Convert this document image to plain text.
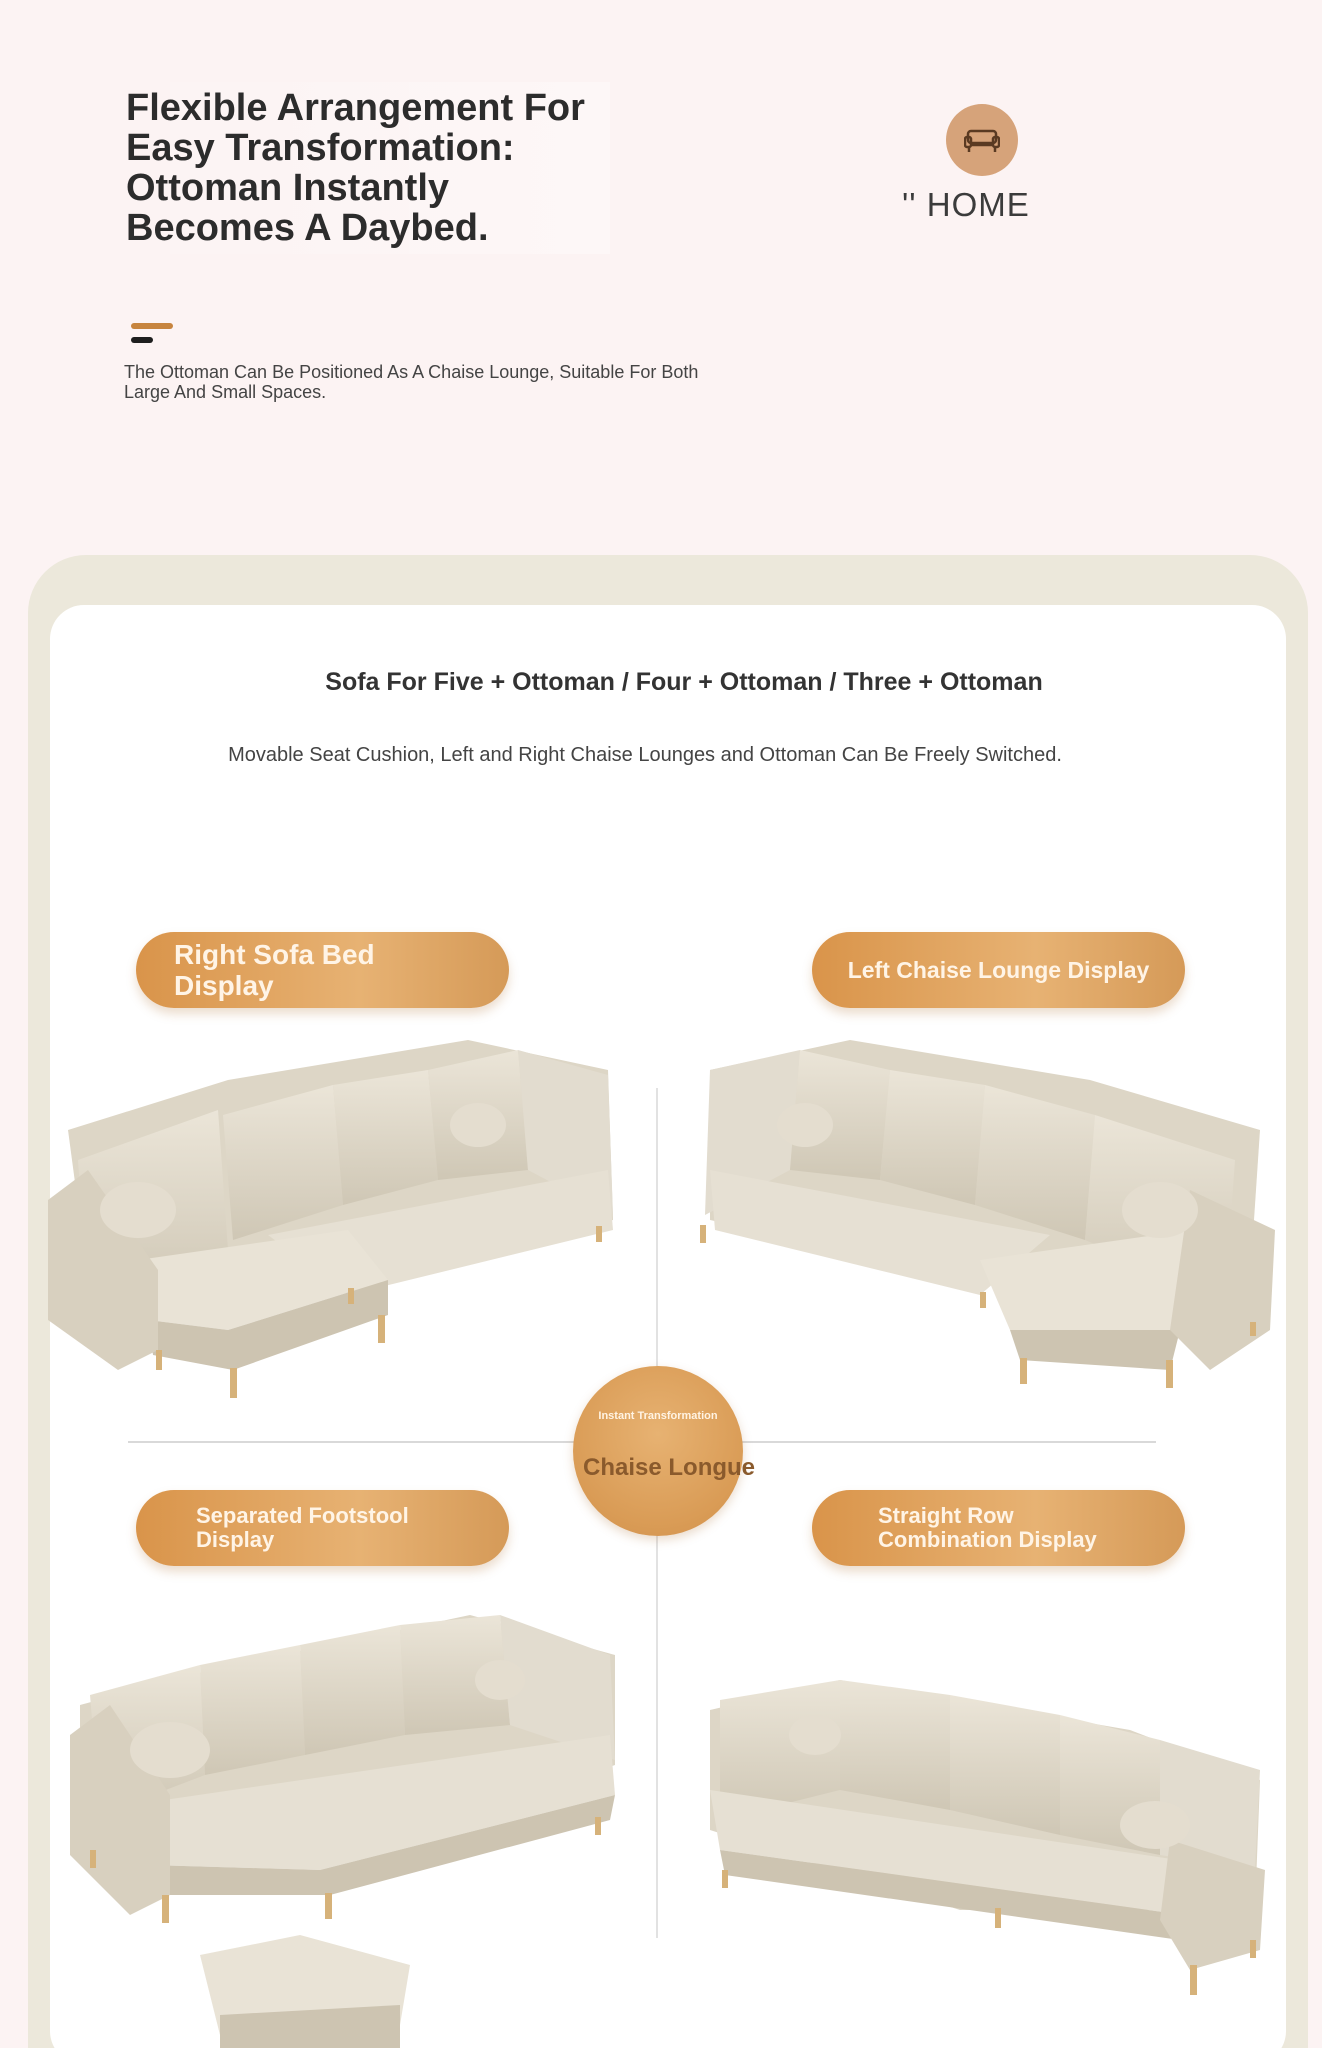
Flexible Arrangement For Easy Transformation: Ottoman Instantly Becomes A Daybed.
'' HOME
The Ottoman Can Be Positioned As A Chaise Lounge, Suitable For Both Large And Small Spaces.
Sofa For Five + Ottoman / Four + Ottoman / Three + Ottoman
Movable Seat Cushion, Left and Right Chaise Lounges and Ottoman Can Be Freely Switched.
Right Sofa Bed
Display
Left Chaise Lounge Display
Separated Footstool
Display
Straight Row
Combination Display
Instant Transformation
Chaise Longue
